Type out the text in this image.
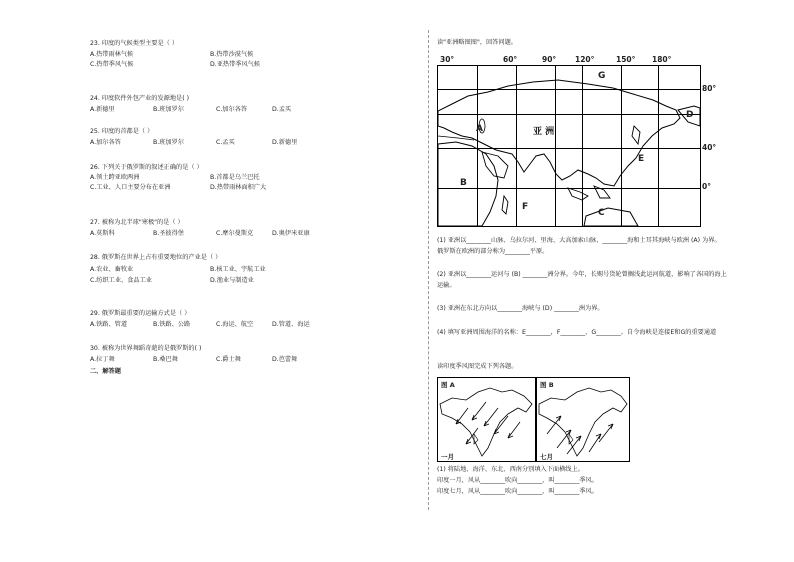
23. 印度的气候类型主要是（ ）
A.热带雨林气候	B.热带沙漠气候
C.热带季风气候	D.亚热带季风气候
24. 印度软件外包产业的发源地是( )
A.新德里	B.班加罗尔	C.加尔各答	D.孟买
25. 印度的首都是（ ）
A.加尔各答	B.班加罗尔	C.孟买	D.新德里
26. 下列关于俄罗斯的叙述正确的是（ ）
A.领土跨亚欧两洲	B.首都是乌兰巴托
C.工业、人口主要分布在亚洲	D.热带雨林面积广大
27. 被称为北半球"寒极"的是（ ）
A.莫斯科	B.圣彼得堡	C.摩尔曼斯克	D.奥伊米亚康
28. 俄罗斯在世界上占有重要地位的产业是（ ）
A.农业、畜牧业	B.核工业、宇航工业
C.纺织工业、食品工业	D.渔业与制造业
29. 俄罗斯最重要的运输方式是（ ）
A.铁路、管道	B.铁路、公路	C.海运、航空	D.管道、海运
30. 被称为世界舞蹈奇葩的是俄罗斯的( )
A.拉丁舞	B.桑巴舞	C.爵士舞	D.芭蕾舞
二、解答题
读"亚洲略图图"，回答问题。
30°	60°	90°	120°	150° 180°
80°
40°
0°
G
A	亚 洲
D
E
B
F
C
(1) 亚洲以________山脉、乌拉尔河、里海、大高加索山脉、________海和土耳其海峡与欧洲 (A) 为界。
俄罗斯在欧洲的部分称为________平原。
(2) 亚洲以________运河与 (B) ________洲分界。今年，长赐号货轮曾搁浅此运河航道，影响了各国的海上
运输。
(3) 亚洲在东北方向以________海峡与 (D) ________洲为界。
(4) 填写亚洲周围海洋的名称：E________，F________，G________。自令海峡是连接E和G的重要通道
读印度季风图完成下列各题。
图 A
一月
图 B
七月
(1) 将陆地、海洋、东北、西南分别填入下面横线上。
印度一月，风从________吹向________，叫________季风。
印度七月，风从________吹向________，叫________季风。
